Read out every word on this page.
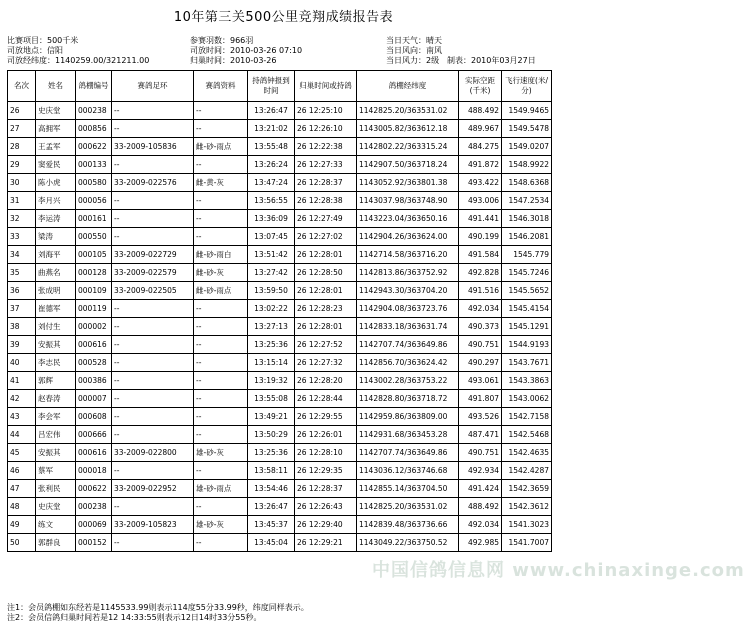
10年第三关500公里竞翔成绩报告表
比赛项目：500千米
司放地点：信阳
司放经纬度：1140259.00/321211.00
参赛羽数：966羽
司放时间：2010-03-26 07:10
归巢时间：2010-03-26
当日天气：晴天
当日风向：南风
当日风力：2级 制表：2010年03月27日
名次	姓名	鸽棚编号	赛鸽足环	赛鸽资料	持鸽钟报到时间	归巢时间或持鸽	鸽棚经纬度	实际空距(千米)	飞行速度(米/分)
26	史庆堂	000238	--	--	13:26:47	26 12:25:10	1142825.20/363531.02	488.492	1549.9465
27	高拥军	000856	--	--	13:21:02	26 12:26:10	1143005.82/363612.18	489.967	1549.5478
28	王孟军	000622	33-2009-105836	雌-砂-雨点	13:55:48	26 12:22:38	1142802.22/363315.24	484.275	1549.0207
29	窦爱民	000133	--	--	13:26:24	26 12:27:33	1142907.50/363718.24	491.872	1548.9922
30	陈小虎	000580	33-2009-022576	雌-黄-灰	13:47:24	26 12:28:37	1143052.92/363801.38	493.422	1548.6368
31	李月兴	000056	--	--	13:56:55	26 12:28:38	1143037.98/363748.90	493.006	1547.2534
32	李运涛	000161	--	--	13:36:09	26 12:27:49	1143223.04/363650.16	491.441	1546.3018
33	梁涛	000550	--	--	13:07:45	26 12:27:02	1142904.26/363624.00	490.199	1546.2081
34	刘海平	000105	33-2009-022729	雌-砂-雨白	13:51:42	26 12:28:01	1142714.58/363716.20	491.584	1545.779
35	曲燕名	000128	33-2009-022579	雌-砂-灰	13:27:42	26 12:28:50	1142813.86/363752.92	492.828	1545.7246
36	张成明	000109	33-2009-022505	雌-砂-雨点	13:59:50	26 12:28:01	1142943.30/363704.20	491.516	1545.5652
37	崔德军	000119	--	--	13:02:22	26 12:28:23	1142904.08/363723.76	492.034	1545.4154
38	刘付生	000002	--	--	13:27:13	26 12:28:01	1142833.18/363631.74	490.373	1545.1291
39	安振其	000616	--	--	13:25:36	26 12:27:52	1142707.74/363649.86	490.751	1544.9193
40	李志民	000528	--	--	13:15:14	26 12:27:32	1142856.70/363624.42	490.297	1543.7671
41	郭辉	000386	--	--	13:19:32	26 12:28:20	1143002.28/363753.22	493.061	1543.3863
42	赵春涛	000007	--	--	13:55:08	26 12:28:44	1142828.80/363718.72	491.807	1543.0062
43	李会军	000608	--	--	13:49:21	26 12:29:55	1142959.86/363809.00	493.526	1542.7158
44	吕宏伟	000666	--	--	13:50:29	26 12:26:01	1142931.68/363453.28	487.471	1542.5468
45	安振其	000616	33-2009-022800	雄-砂-灰	13:25:36	26 12:28:10	1142707.74/363649.86	490.751	1542.4635
46	蔡军	000018	--	--	13:58:11	26 12:29:35	1143036.12/363746.68	492.934	1542.4287
47	张利民	000622	33-2009-022952	雄-砂-雨点	13:54:46	26 12:28:37	1142855.14/363704.50	491.424	1542.3659
48	史庆堂	000238	--	--	13:26:47	26 12:26:43	1142825.20/363531.02	488.492	1542.3612
49	练文	000069	33-2009-105823	雄-砂-灰	13:45:37	26 12:29:40	1142839.48/363736.66	492.034	1541.3023
50	郭群良	000152	--	--	13:45:04	26 12:29:21	1143049.22/363750.52	492.985	1541.7007
中国信鸽信息网 www.chinaxinge.com
注1：会员鸽棚如东经若是1145533.99则表示114度55分33.99秒，纬度同样表示。
注2：会员信鸽归巢时间若是12 14:33:55则表示12日14时33分55秒。
